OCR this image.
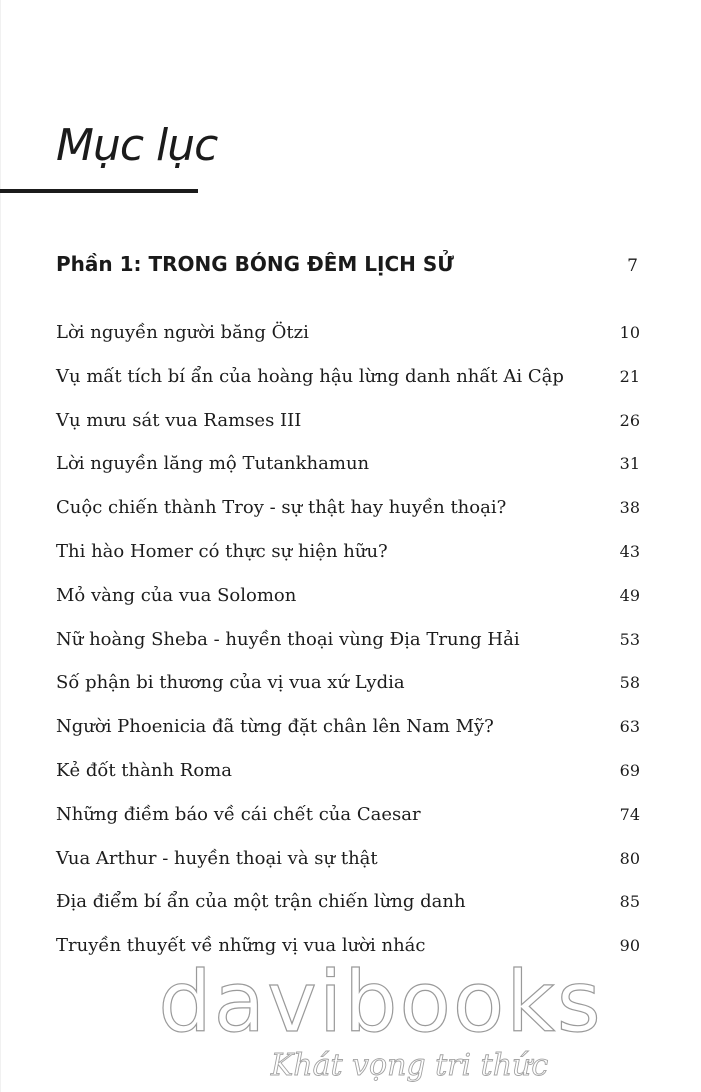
Mục lục
Phần 1: TRONG BÓNG ĐÊM LỊCH SỬ	7
Lời nguyền người băng Ötzi	10
Vụ mất tích bí ẩn của hoàng hậu lừng danh nhất Ai Cập	21
Vụ mưu sát vua Ramses III	26
Lời nguyền lăng mộ Tutankhamun	31
Cuộc chiến thành Troy - sự thật hay huyền thoại?	38
Thi hào Homer có thực sự hiện hữu?	43
Mỏ vàng của vua Solomon	49
Nữ hoàng Sheba - huyền thoại vùng Địa Trung Hải	53
Số phận bi thương của vị vua xứ Lydia	58
Người Phoenicia đã từng đặt chân lên Nam Mỹ?	63
Kẻ đốt thành Roma	69
Những điềm báo về cái chết của Caesar	74
Vua Arthur - huyền thoại và sự thật	80
Địa điểm bí ẩn của một trận chiến lừng danh	85
Truyền thuyết về những vị vua lười nhác	90
davibooks
Khát vọng tri thức
